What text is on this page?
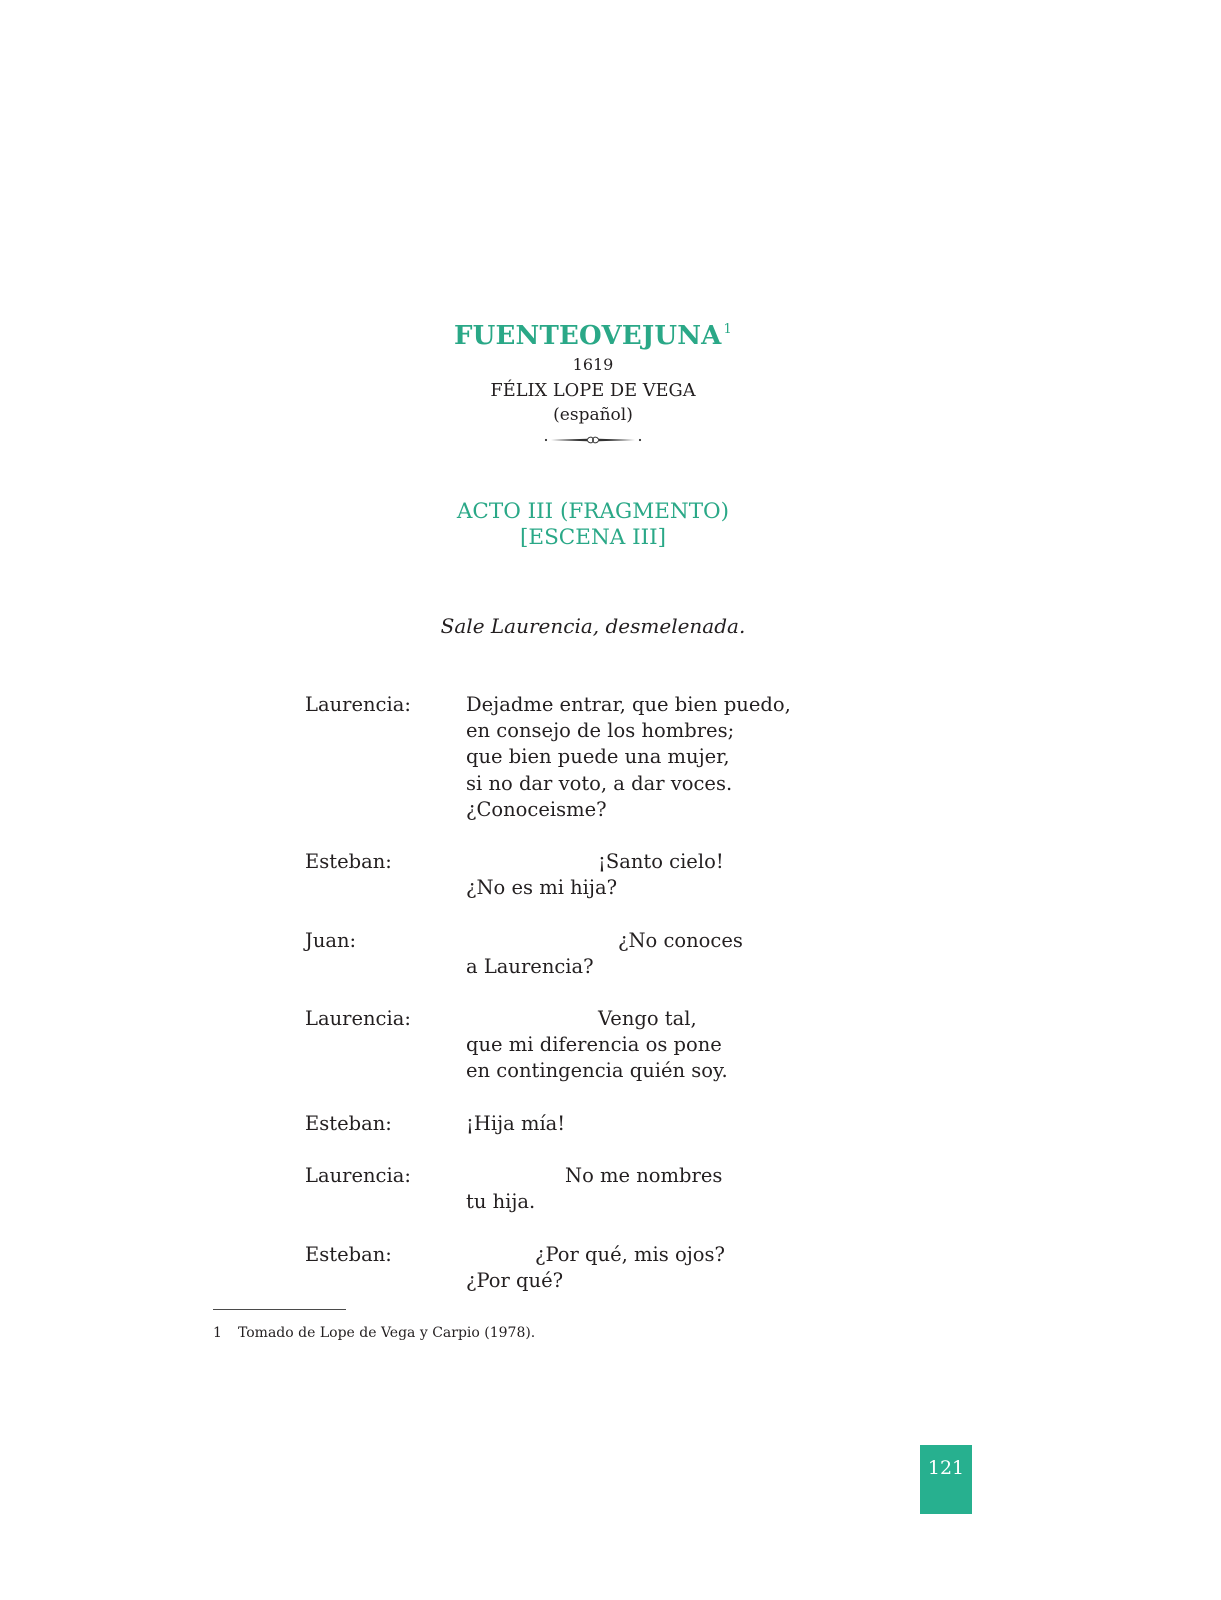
FUENTEOVEJUNA $^1$
1619
FÉLIX LOPE DE VEGA
(español)
ACTO III (FRAGMENTO)
[ESCENA III]
Sale Laurencia, desmelenada.
Laurencia:	Dejadme entrar, que bien puedo,
en consejo de los hombres;
que bien puede una mujer,
si no dar voto, a dar voces.
¿Conoceisme?
Esteban:	¡Santo cielo!
¿No es mi hija?
Juan:	¿No conoces
a Laurencia?
Laurencia:	Vengo tal,
que mi diferencia os pone
en contingencia quién soy.
Esteban:	¡Hija mía!
Laurencia:	No me nombres
tu hija.
Esteban:	¿Por qué, mis ojos?
¿Por qué?
1 Tomado de Lope de Vega y Carpio (1978).
121
